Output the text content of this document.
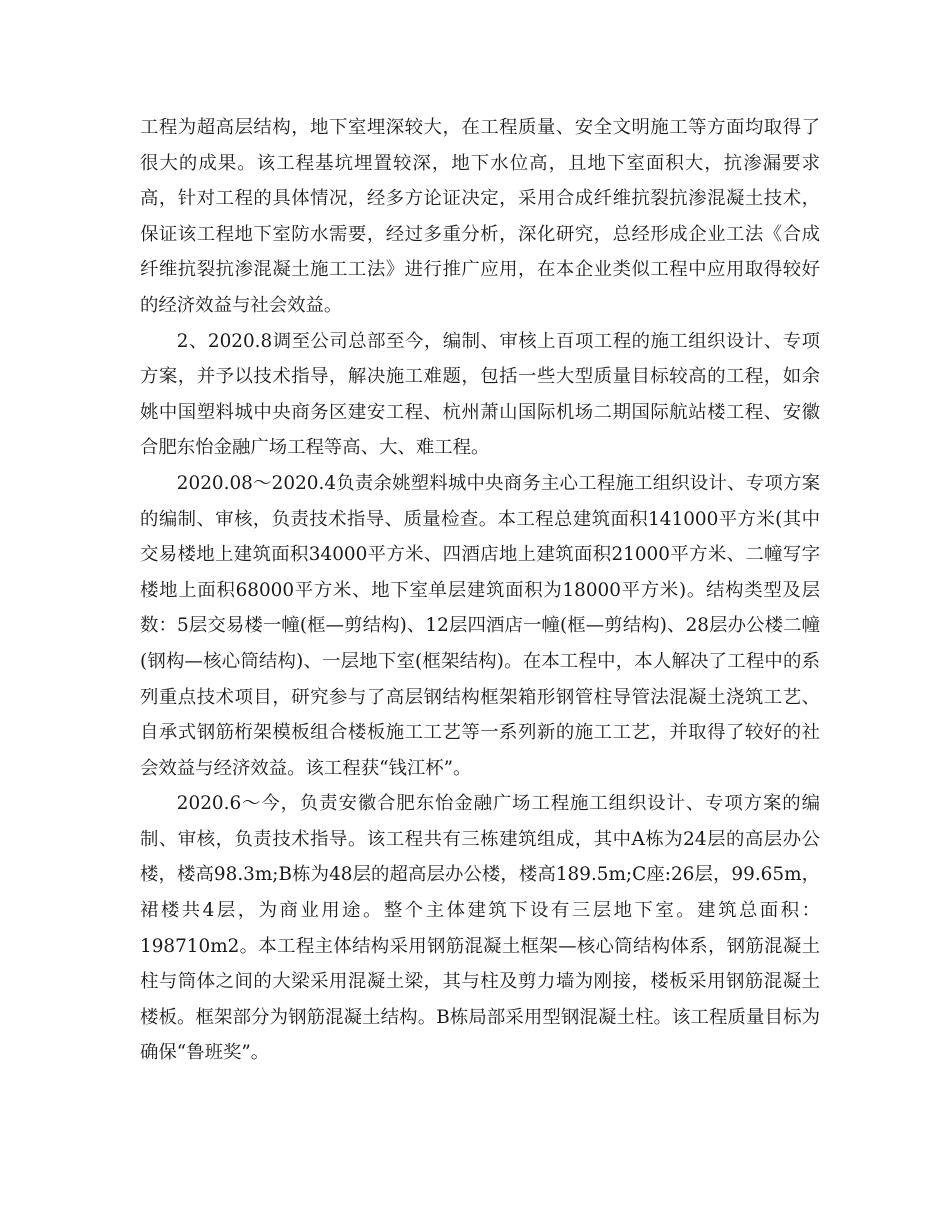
工程为超高层结构，地下室埋深较大，在工程质量、安全文明施工等方面均取得了很大的成果。该工程基坑埋置较深，地下水位高，且地下室面积大，抗渗漏要求高，针对工程的具体情况，经多方论证决定，采用合成纤维抗裂抗渗混凝土技术，保证该工程地下室防水需要，经过多重分析，深化研究，总经形成企业工法《合成纤维抗裂抗渗混凝土施工工法》进行推广应用，在本企业类似工程中应用取得较好的经济效益与社会效益。

2、2020.8调至公司总部至今，编制、审核上百项工程的施工组织设计、专项方案，并予以技术指导，解决施工难题，包括一些大型质量目标较高的工程，如余姚中国塑料城中央商务区建安工程、杭州萧山国际机场二期国际航站楼工程、安徽合肥东怡金融广场工程等高、大、难工程。

2020.08～2020.4负责余姚塑料城中央商务主心工程施工组织设计、专项方案的编制、审核，负责技术指导、质量检查。本工程总建筑面积141000平方米(其中交易楼地上建筑面积34000平方米、四酒店地上建筑面积21000平方米、二幢写字楼地上面积68000平方米、地下室单层建筑面积为18000平方米)。结构类型及层数：5层交易楼一幢(框—剪结构)、12层四酒店一幢(框—剪结构)、28层办公楼二幢(钢构—核心筒结构)、一层地下室(框架结构)。在本工程中，本人解决了工程中的系列重点技术项目，研究参与了高层钢结构框架箱形钢管柱导管法混凝土浇筑工艺、自承式钢筋桁架模板组合楼板施工工艺等一系列新的施工工艺，并取得了较好的社会效益与经济效益。该工程获“钱江杯”。

2020.6～今，负责安徽合肥东怡金融广场工程施工组织设计、专项方案的编制、审核，负责技术指导。该工程共有三栋建筑组成，其中A栋为24层的高层办公楼，楼高98.3m;B栋为48层的超高层办公楼，楼高189.5m;C座:26层，99.65m，裙楼共4层，为商业用途。整个主体建筑下设有三层地下室。建筑总面积：198710m2。本工程主体结构采用钢筋混凝土框架—核心筒结构体系，钢筋混凝土柱与筒体之间的大梁采用混凝土梁，其与柱及剪力墙为刚接，楼板采用钢筋混凝土楼板。框架部分为钢筋混凝土结构。B栋局部采用型钢混凝土柱。该工程质量目标为确保“鲁班奖”。
